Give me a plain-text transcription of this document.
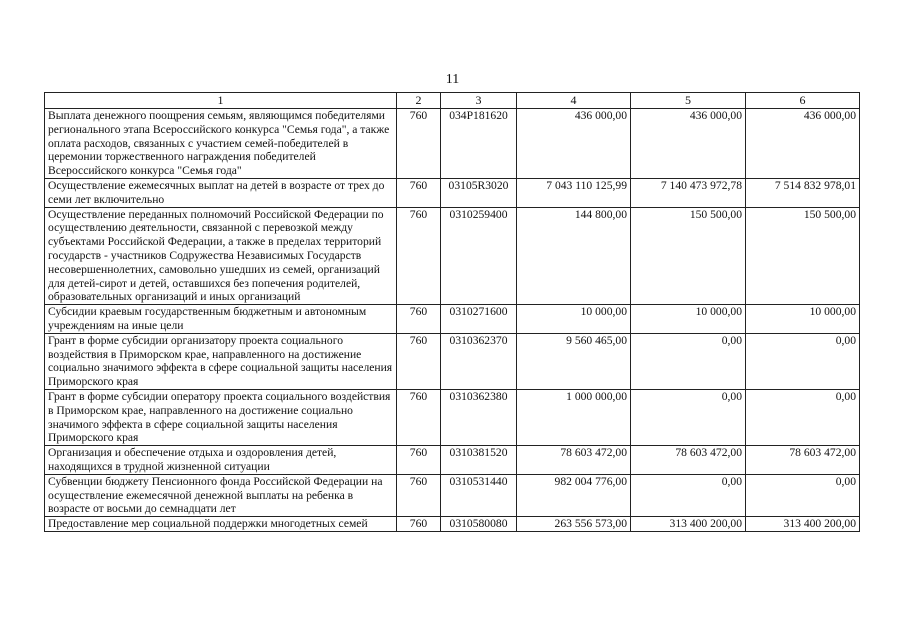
11
1	2	3	4	5	6
Выплата денежного поощрения семьям, являющимся победителями регионального этапа Всероссийского конкурса "Семья года", а также оплата расходов, связанных с участием семей-победителей в церемонии торжественного награждения победителей Всероссийского конкурса "Семья года"	760	034P181620	436 000,00	436 000,00	436 000,00
Осуществление ежемесячных выплат на детей в возрасте от трех до семи лет включительно	760	03105R3020	7 043 110 125,99	7 140 473 972,78	7 514 832 978,01
Осуществление переданных полномочий Российской Федерации по осуществлению деятельности, связанной с перевозкой между субъектами Российской Федерации, а также в пределах территорий государств - участников Содружества Независимых Государств несовершеннолетних, самовольно ушедших из семей, организаций для детей-сирот и детей, оставшихся без попечения родителей, образовательных организаций и иных организаций	760	0310259400	144 800,00	150 500,00	150 500,00
Субсидии краевым государственным бюджетным и автономным учреждениям на иные цели	760	0310271600	10 000,00	10 000,00	10 000,00
Грант в форме субсидии организатору проекта социального воздействия в Приморском крае, направленного на достижение социально значимого эффекта в сфере социальной защиты населения Приморского края	760	0310362370	9 560 465,00	0,00	0,00
Грант в форме субсидии оператору проекта социального воздействия в Приморском крае, направленного на достижение социально значимого эффекта в сфере социальной защиты населения Приморского края	760	0310362380	1 000 000,00	0,00	0,00
Организация и обеспечение отдыха и оздоровления детей, находящихся в трудной жизненной ситуации	760	0310381520	78 603 472,00	78 603 472,00	78 603 472,00
Субвенции бюджету Пенсионного фонда Российской Федерации на осуществление ежемесячной денежной выплаты на ребенка в возрасте от восьми до семнадцати лет	760	0310531440	982 004 776,00	0,00	0,00
Предоставление мер социальной поддержки многодетных семей	760	0310580080	263 556 573,00	313 400 200,00	313 400 200,00
